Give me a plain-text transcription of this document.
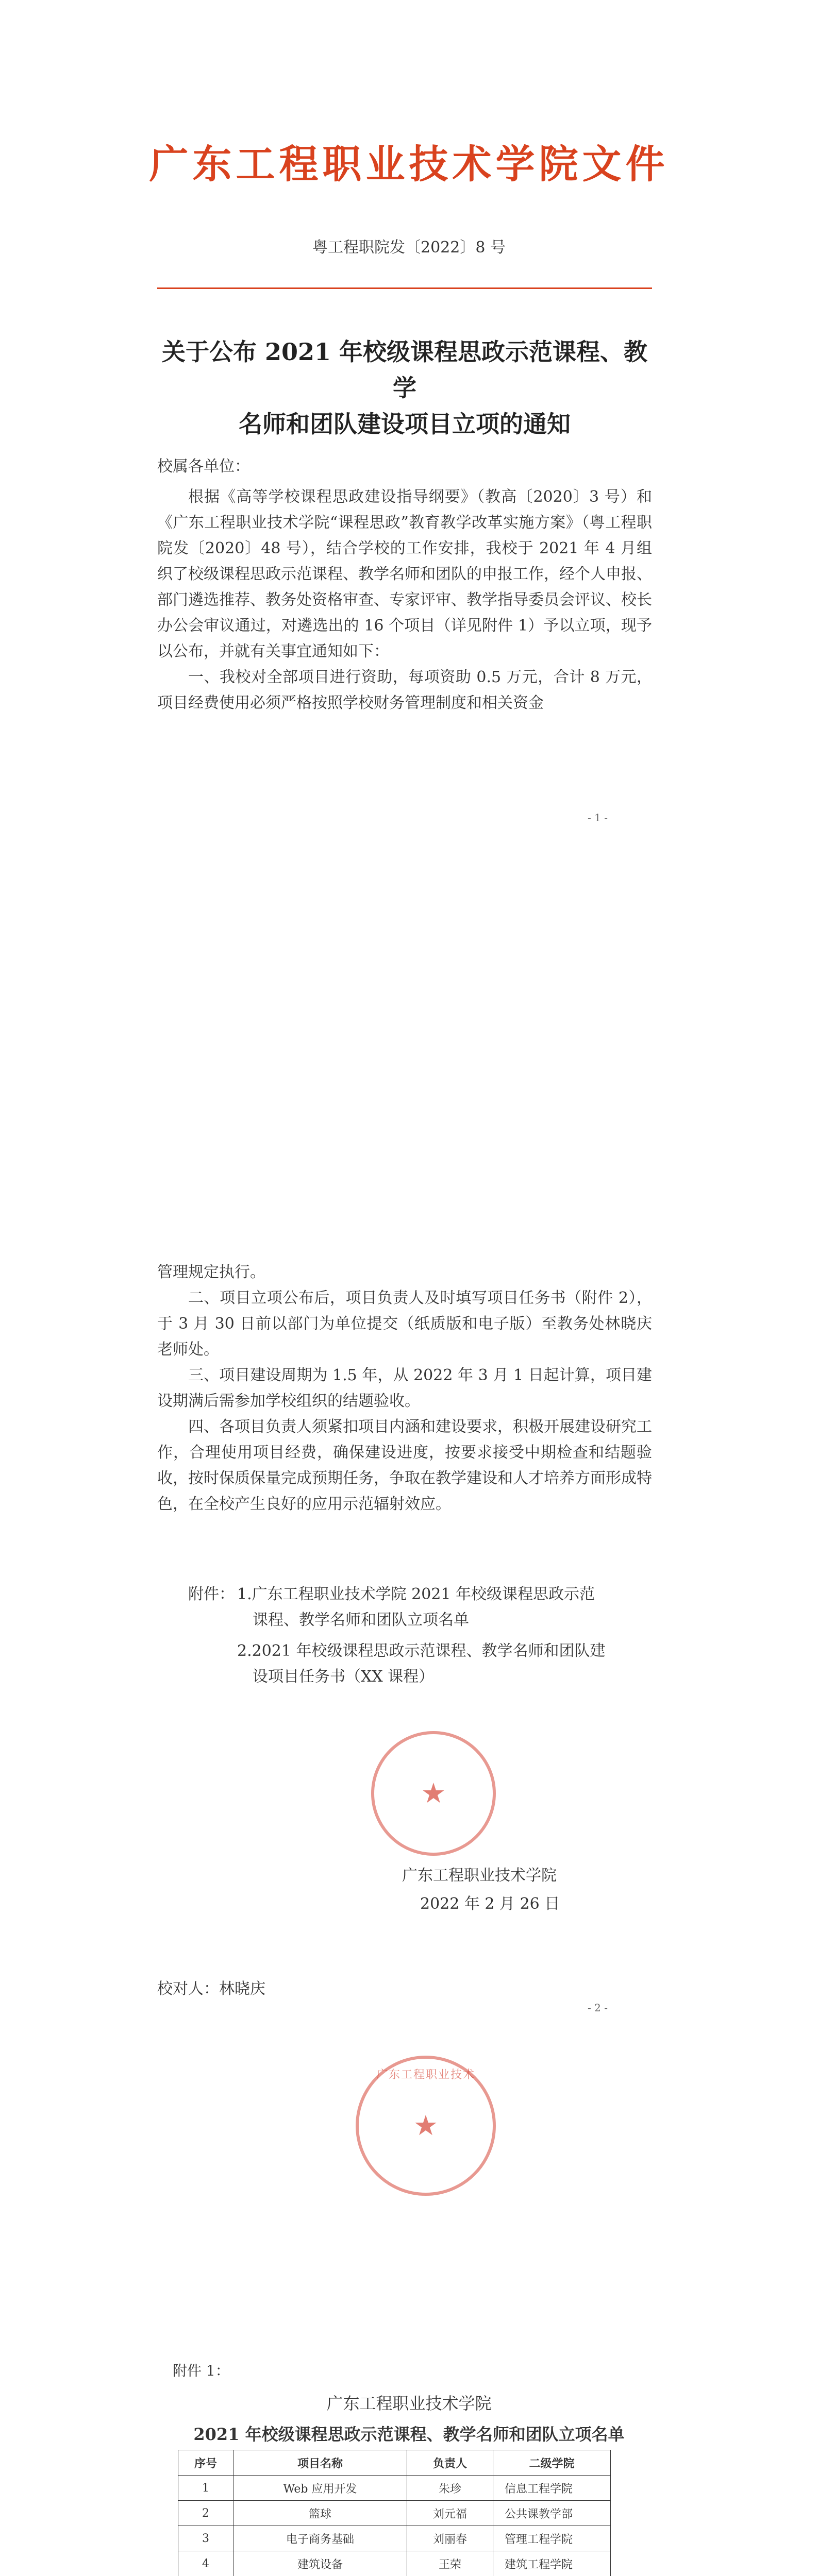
广东工程职业技术学院文件
粤工程职院发〔2022〕8 号
关于公布 2021 年校级课程思政示范课程、教学
名师和团队建设项目立项的通知
校属各单位：

根据《高等学校课程思政建设指导纲要》（教高〔2020〕3 号）和《广东工程职业技术学院“课程思政”教育教学改革实施方案》（粤工程职院发〔2020〕48 号），结合学校的工作安排，我校于 2021 年 4 月组织了校级课程思政示范课程、教学名师和团队的申报工作，经个人申报、部门遴选推荐、教务处资格审查、专家评审、教学指导委员会评议、校长办公会审议通过，对遴选出的 16 个项目（详见附件 1）予以立项，现予以公布，并就有关事宜通知如下：

一、我校对全部项目进行资助，每项资助 0.5 万元，合计 8 万元，项目经费使用必须严格按照学校财务管理制度和相关资金

- 1 -
管理规定执行。

二、项目立项公布后，项目负责人及时填写项目任务书（附件 2），于 3 月 30 日前以部门为单位提交（纸质版和电子版）至教务处林晓庆老师处。

三、项目建设周期为 1.5 年，从 2022 年 3 月 1 日起计算，项目建设期满后需参加学校组织的结题验收。

四、各项目负责人须紧扣项目内涵和建设要求，积极开展建设研究工作，合理使用项目经费，确保建设进度，按要求接受中期检查和结题验收，按时保质保量完成预期任务，争取在教学建设和人才培养方面形成特色，在全校产生良好的应用示范辐射效应。

附件： 1.广东工程职业技术学院 2021 年校级课程思政示范
课程、教学名师和团队立项名单
2.2021 年校级课程思政示范课程、教学名师和团队建
设项目任务书（XX 课程）
★
广东工程职业技术学院
2022 年 2 月 26 日
校对人：林晓庆
- 2 -
★
广东工程职业技术
附件 1：
广东工程职业技术学院
2021 年校级课程思政示范课程、教学名师和团队立项名单
序号	项目名称	负责人	二级学院
1	Web 应用开发	朱珍	信息工程学院
2	篮球	刘元福	公共课教学部
3	电子商务基础	刘丽春	管理工程学院
4	建筑设备	王荣	建筑工程学院
